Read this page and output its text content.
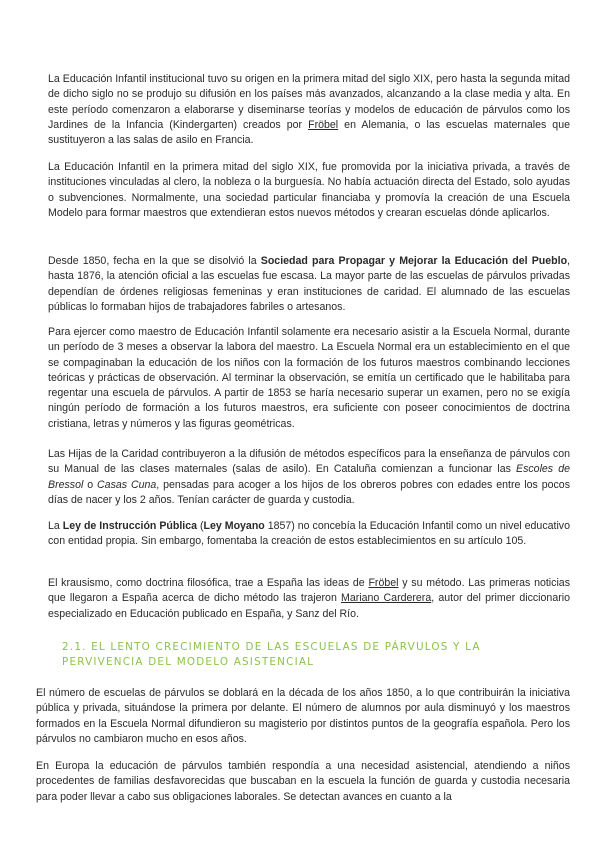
La Educación Infantil institucional tuvo su origen en la primera mitad del siglo XIX, pero hasta la segunda mitad de dicho siglo no se produjo su difusión en los países más avanzados, alcanzando a la clase media y alta. En este período comenzaron a elaborarse y diseminarse teorías y modelos de educación de párvulos como los Jardines de la Infancia (Kindergarten) creados por Fröbel en Alemania, o las escuelas maternales que sustituyeron a las salas de asilo en Francia.

La Educación Infantil en la primera mitad del siglo XIX, fue promovida por la iniciativa privada, a través de instituciones vinculadas al clero, la nobleza o la burguesía. No había actuación directa del Estado, solo ayudas o subvenciones. Normalmente, una sociedad particular financiaba y promovía la creación de una Escuela Modelo para formar maestros que extendieran estos nuevos métodos y crearan escuelas dónde aplicarlos.

Desde 1850, fecha en la que se disolvió la Sociedad para Propagar y Mejorar la Educación del Pueblo, hasta 1876, la atención oficial a las escuelas fue escasa. La mayor parte de las escuelas de párvulos privadas dependían de órdenes religiosas femeninas y eran instituciones de caridad. El alumnado de las escuelas públicas lo formaban hijos de trabajadores fabriles o artesanos.

Para ejercer como maestro de Educación Infantil solamente era necesario asistir a la Escuela Normal, durante un período de 3 meses a observar la labora del maestro. La Escuela Normal era un establecimiento en el que se compaginaban la educación de los niños con la formación de los futuros maestros combinando lecciones teóricas y prácticas de observación. Al terminar la observación, se emitía un certificado que le habilitaba para regentar una escuela de párvulos. A partir de 1853 se haría necesario superar un examen, pero no se exigía ningún período de formación a los futuros maestros, era suficiente con poseer conocimientos de doctrina cristiana, letras y números y las figuras geométricas.

Las Hijas de la Caridad contribuyeron a la difusión de métodos específicos para la enseñanza de párvulos con su Manual de las clases maternales (salas de asilo). En Cataluña comienzan a funcionar las Escoles de Bressol o Casas Cuna, pensadas para acoger a los hijos de los obreros pobres con edades entre los pocos días de nacer y los 2 años. Tenían carácter de guarda y custodia.

La Ley de Instrucción Pública (Ley Moyano 1857) no concebía la Educación Infantil como un nivel educativo con entidad propia. Sin embargo, fomentaba la creación de estos establecimientos en su artículo 105.

El krausismo, como doctrina filosófica, trae a España las ideas de Fröbel y su método. Las primeras noticias que llegaron a España acerca de dicho método las trajeron Mariano Carderera, autor del primer diccionario especializado en Educación publicado en España, y Sanz del Río.

2.1. EL LENTO CRECIMIENTO DE LAS ESCUELAS DE PÁRVULOS Y LA PERVIVENCIA DEL MODELO ASISTENCIAL

El número de escuelas de párvulos se doblará en la década de los años 1850, a lo que contribuirán la iniciativa pública y privada, situándose la primera por delante. El número de alumnos por aula disminuyó y los maestros formados en la Escuela Normal difundieron su magisterio por distintos puntos de la geografía española. Pero los párvulos no cambiaron mucho en esos años.

En Europa la educación de párvulos también respondía a una necesidad asistencial, atendiendo a niños procedentes de familias desfavorecidas que buscaban en la escuela la función de guarda y custodia necesaria para poder llevar a cabo sus obligaciones laborales. Se detectan avances en cuanto a la
